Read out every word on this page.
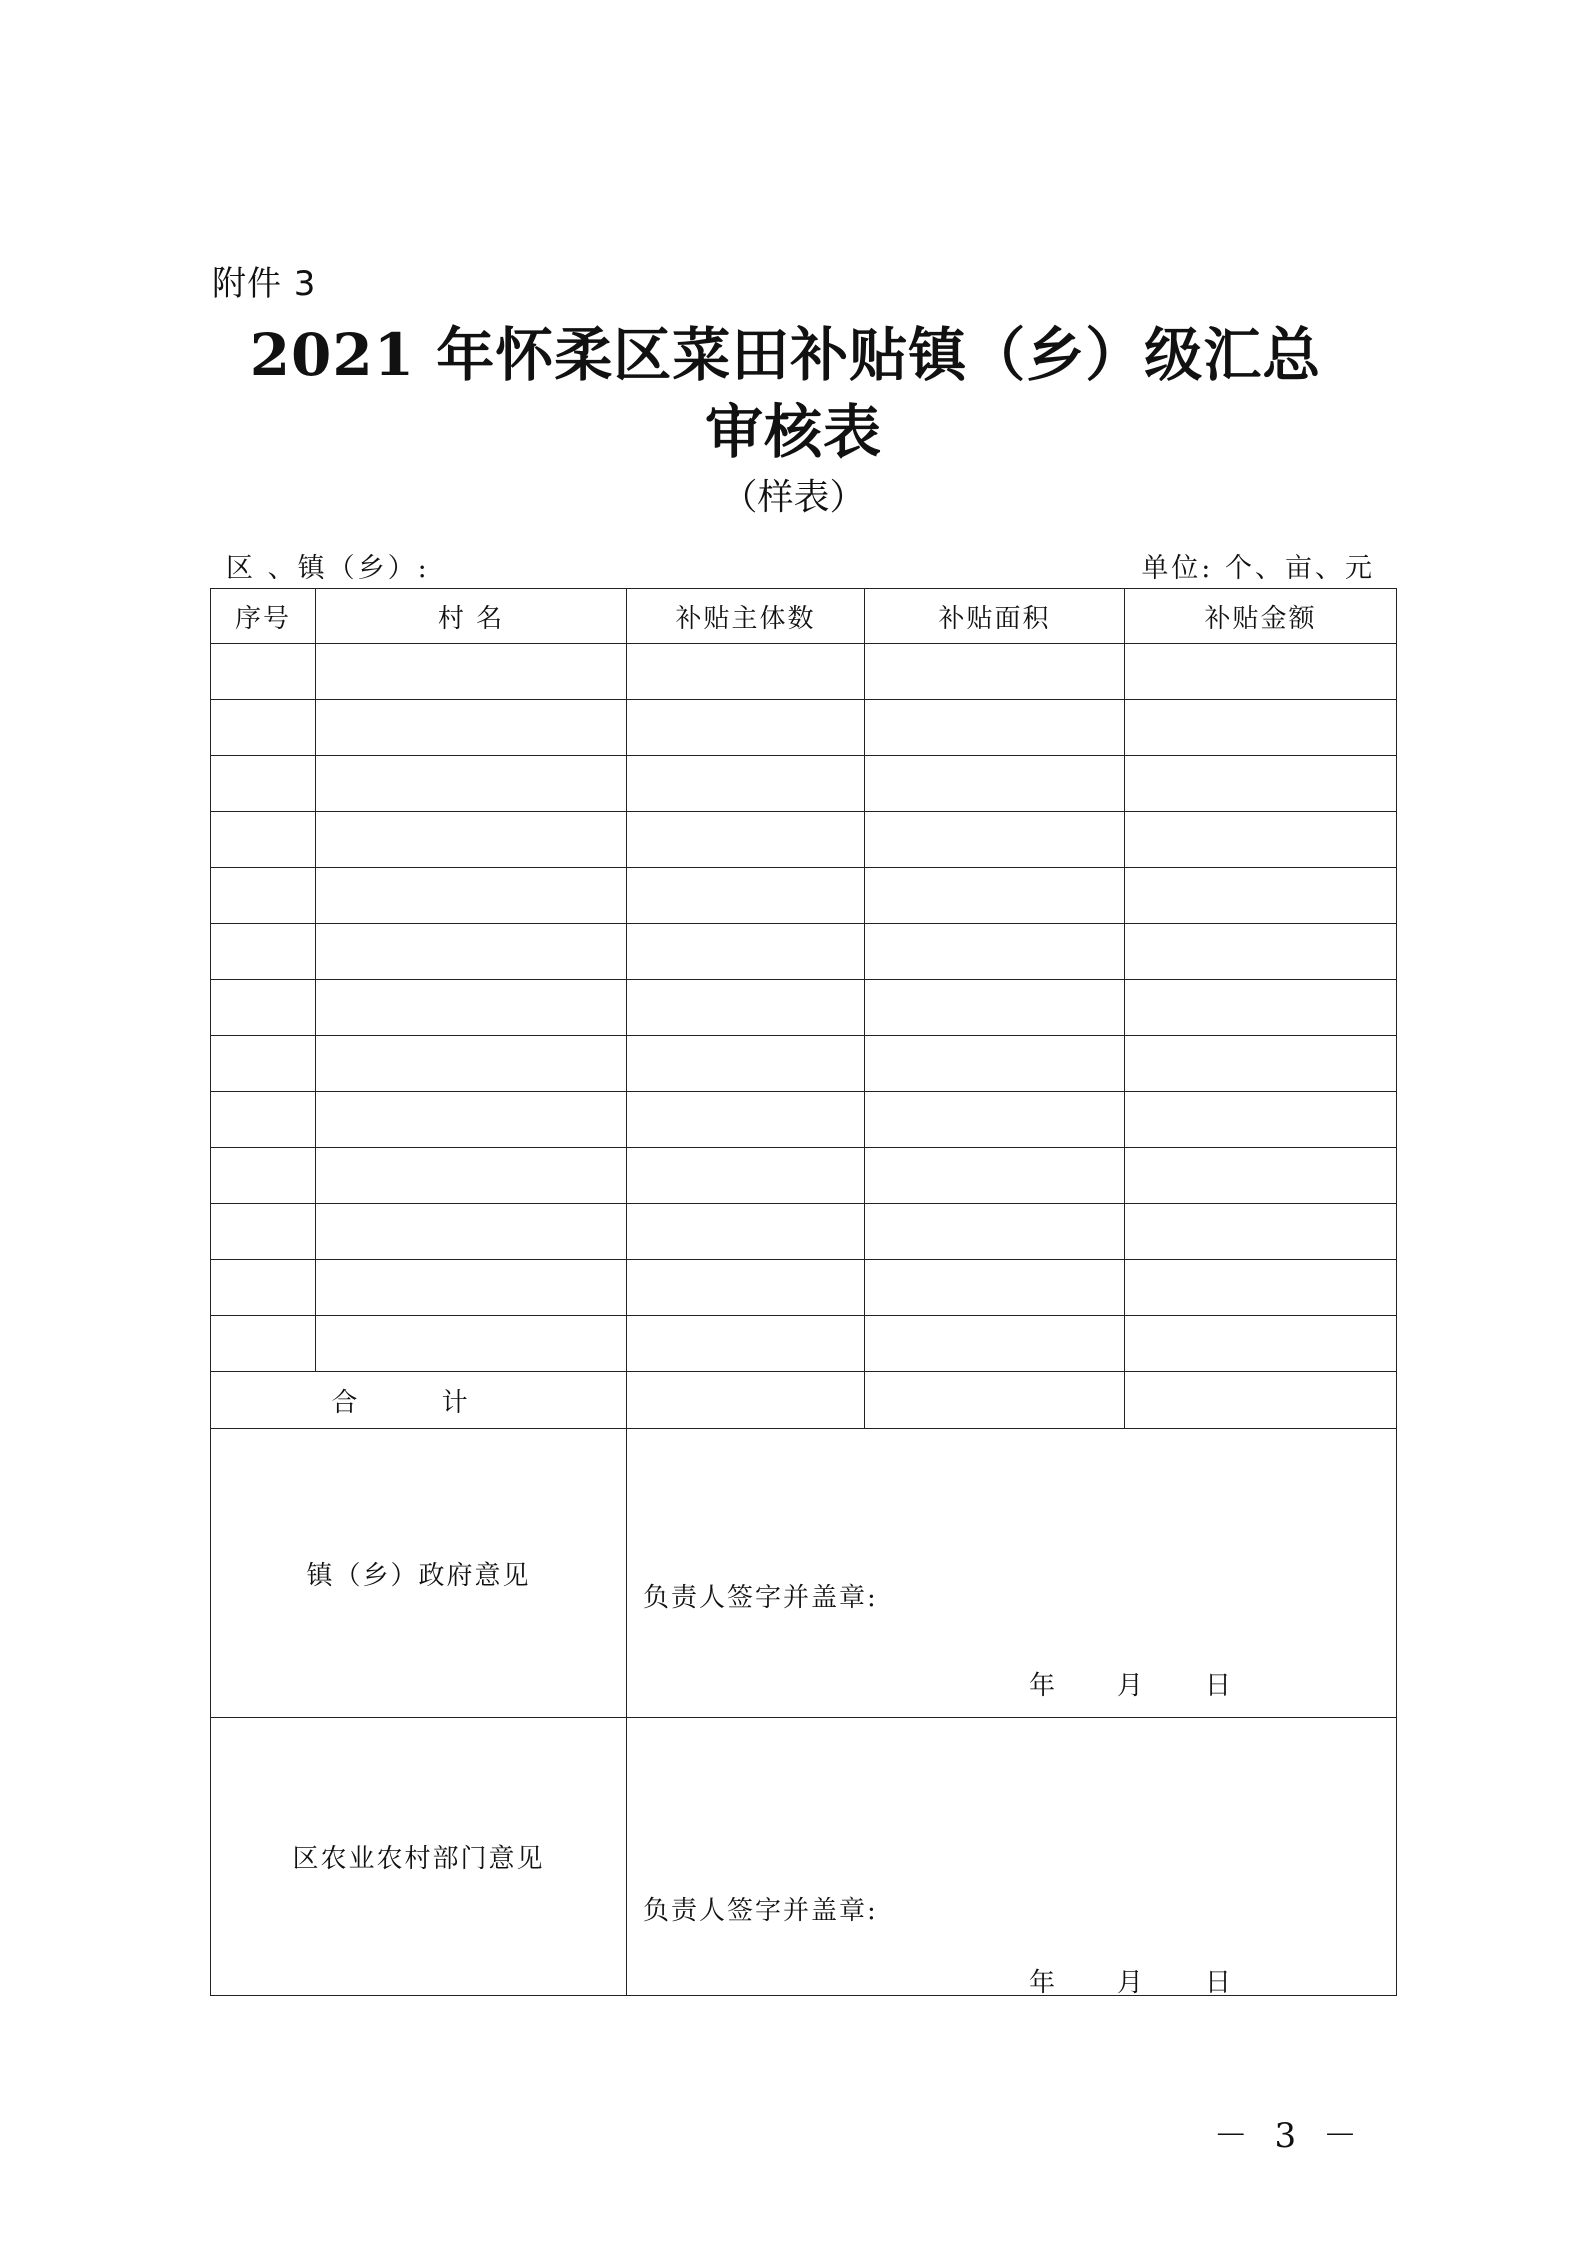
附件 3
2021 年怀柔区菜田补贴镇（乡）级汇总
审核表
（样表）
区 、镇（乡）:	单位: 个、亩、元
序号	村 名	补贴主体数	补贴面积	补贴金额

合 计				
镇（乡）政府意见		负责人签字并盖章:
年 月 日		

区农业农村部门意见		负责人签字并盖章:
年 月 日		
－ 3 －
